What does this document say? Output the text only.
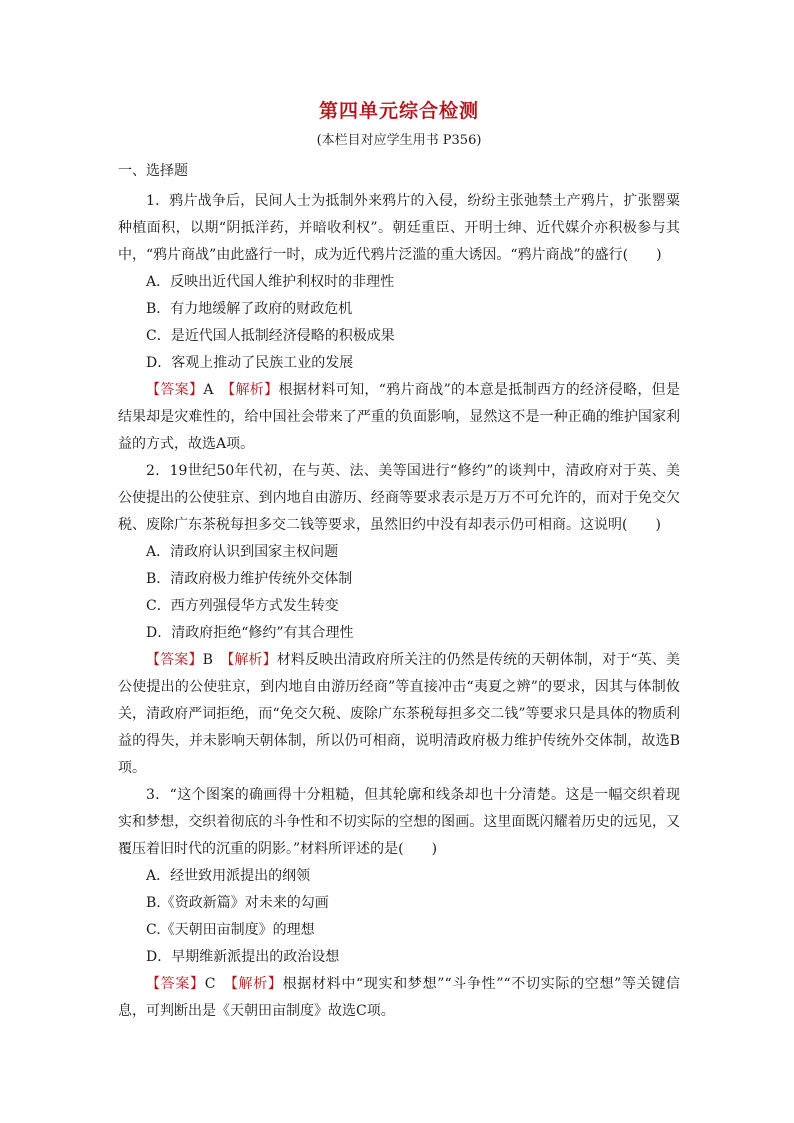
第四单元综合检测

(本栏目对应学生用书 P356)

一、选择题

1．鸦片战争后，民间人士为抵制外来鸦片的入侵，纷纷主张弛禁土产鸦片，扩张罂粟种植面积，以期“阴抵洋药，并暗收利权”。朝廷重臣、开明士绅、近代媒介亦积极参与其中，“鸦片商战”由此盛行一时，成为近代鸦片泛滥的重大诱因。“鸦片商战”的盛行(　　)

A．反映出近代国人维护利权时的非理性

B．有力地缓解了政府的财政危机

C．是近代国人抵制经济侵略的积极成果

D．客观上推动了民族工业的发展

【答案】A　 【解析】根据材料可知，“鸦片商战”的本意是抵制西方的经济侵略，但是结果却是灾难性的，给中国社会带来了严重的负面影响，显然这不是一种正确的维护国家利益的方式，故选A项。

2．19世纪50年代初，在与英、法、美等国进行“修约”的谈判中，清政府对于英、美公使提出的公使驻京、到内地自由游历、经商等要求表示是万万不可允许的，而对于免交欠税、废除广东茶税每担多交二钱等要求，虽然旧约中没有却表示仍可相商。这说明(　　)

A．清政府认识到国家主权问题

B．清政府极力维护传统外交体制

C．西方列强侵华方式发生转变

D．清政府拒绝“修约”有其合理性

【答案】B　 【解析】材料反映出清政府所关注的仍然是传统的天朝体制，对于“英、美公使提出的公使驻京，到内地自由游历经商”等直接冲击“夷夏之辨”的要求，因其与体制攸关，清政府严词拒绝，而“免交欠税、废除广东茶税每担多交二钱”等要求只是具体的物质利益的得失，并未影响天朝体制，所以仍可相商，说明清政府极力维护传统外交体制，故选B项。

3．“这个图案的确画得十分粗糙，但其轮廓和线条却也十分清楚。这是一幅交织着现实和梦想，交织着彻底的斗争性和不切实际的空想的图画。这里面既闪耀着历史的远见，又覆压着旧时代的沉重的阴影。”材料所评述的是(　　)

A．经世致用派提出的纲领

B.《资政新篇》对未来的勾画

C.《天朝田亩制度》的理想

D．早期维新派提出的政治设想

【答案】C　 【解析】根据材料中“现实和梦想”“斗争性”“不切实际的空想”等关键信息，可判断出是《天朝田亩制度》故选C项。
